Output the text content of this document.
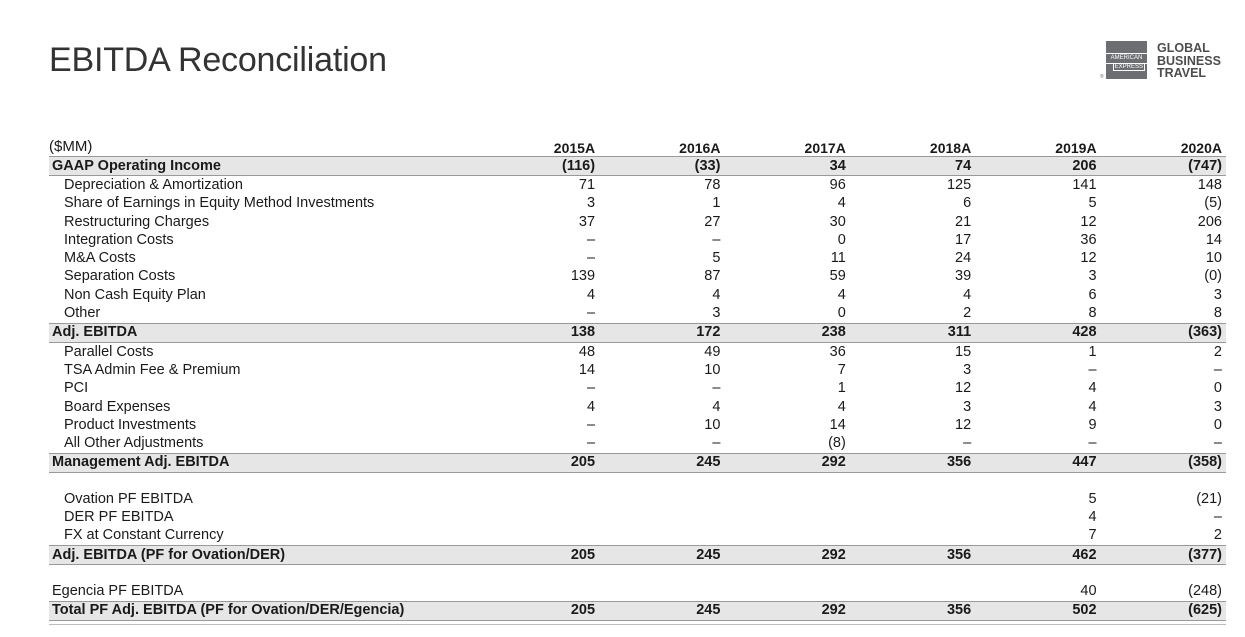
EBITDA Reconciliation	AMERICAN
EXPRESS
®
GLOBAL
BUSINESS
TRAVEL
($MM)
		2015A	2016A	2017A	2018A	2019A	2020A
GAAP Operating Income	(116)	(33)	34	74	206	(747)
Depreciation & Amortization	71	78	96	125	141	148
Share of Earnings in Equity Method Investments	3	1	4	6	5	(5)
Restructuring Charges	37	27	30	21	12	206
Integration Costs	–	–	0	17	36	14
M&A Costs	–	5	11	24	12	10
Separation Costs	139	87	59	39	3	(0)
Non Cash Equity Plan	4	4	4	4	6	3
Other	–	3	0	2	8	8
Adj. EBITDA	138	172	238	311	428	(363)
Parallel Costs	48	49	36	15	1	2
TSA Admin Fee & Premium	14	10	7	3	–	–
PCI	–	–	1	12	4	0
Board Expenses	4	4	4	3	4	3
Product Investments	–	10	14	12	9	0
All Other Adjustments	–	–	(8)	–	–	–
Management Adj. EBITDA	205	245	292	356	447	(358)

Ovation PF EBITDA					5	(21)
DER PF EBITDA					4	–
FX at Constant Currency					7	2
Adj. EBITDA (PF for Ovation/DER)	205	245	292	356	462	(377)

Egencia PF EBITDA					40	(248)
Total PF Adj. EBITDA (PF for Ovation/DER/Egencia)	205	245	292	356	502	(625)
